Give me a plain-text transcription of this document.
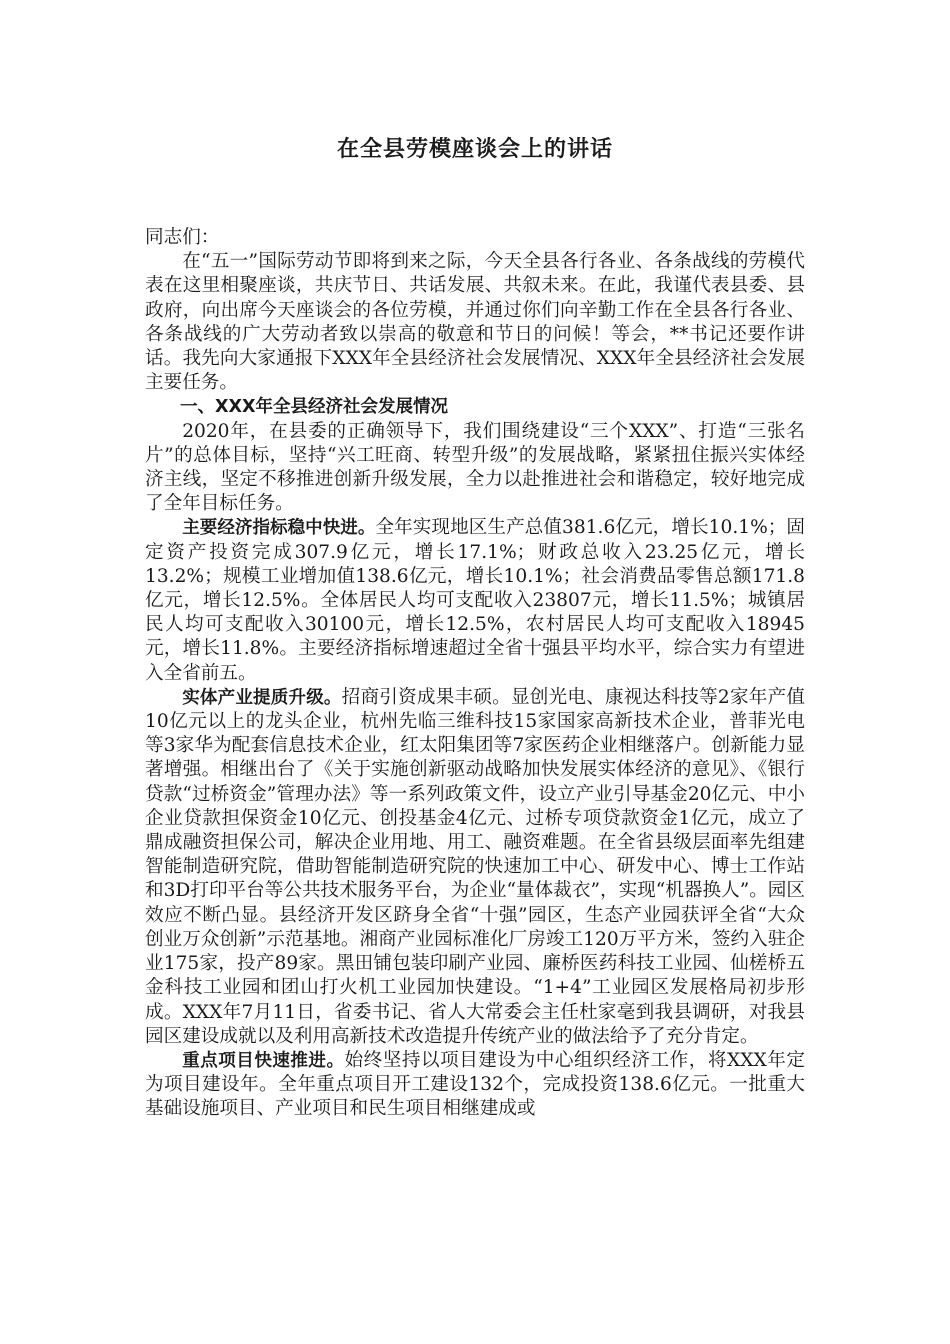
在全县劳模座谈会上的讲话

同志们：

在“五一”国际劳动节即将到来之际，今天全县各行各业、各条战线的劳模代表在这里相聚座谈，共庆节日、共话发展、共叙未来。在此，我谨代表县委、县政府，向出席今天座谈会的各位劳模，并通过你们向辛勤工作在全县各行各业、各条战线的广大劳动者致以崇高的敬意和节日的问候！等会，**书记还要作讲话。我先向大家通报下XXX年全县经济社会发展情况、XXX年全县经济社会发展主要任务。

一、XXX年全县经济社会发展情况

2020年，在县委的正确领导下，我们围绕建设“三个XXX”、打造“三张名片”的总体目标，坚持“兴工旺商、转型升级”的发展战略，紧紧扭住振兴实体经济主线，坚定不移推进创新升级发展，全力以赴推进社会和谐稳定，较好地完成了全年目标任务。

主要经济指标稳中快进。全年实现地区生产总值381.6亿元，增长10.1%；固定资产投资完成307.9亿元，增长17.1%；财政总收入23.25亿元，增长13.2%；规模工业增加值138.6亿元，增长10.1%；社会消费品零售总额171.8亿元，增长12.5%。全体居民人均可支配收入23807元，增长11.5%；城镇居民人均可支配收入30100元，增长12.5%，农村居民人均可支配收入18945元，增长11.8%。主要经济指标增速超过全省十强县平均水平，综合实力有望进入全省前五。

实体产业提质升级。招商引资成果丰硕。显创光电、康视达科技等2家年产值10亿元以上的龙头企业，杭州先临三维科技15家国家高新技术企业，普菲光电等3家华为配套信息技术企业，红太阳集团等7家医药企业相继落户。创新能力显著增强。相继出台了《关于实施创新驱动战略加快发展实体经济的意见》、《银行贷款“过桥资金”管理办法》等一系列政策文件，设立产业引导基金20亿元、中小企业贷款担保资金10亿元、创投基金4亿元、过桥专项贷款资金1亿元，成立了鼎成融资担保公司，解决企业用地、用工、融资难题。在全省县级层面率先组建智能制造研究院，借助智能制造研究院的快速加工中心、研发中心、博士工作站和3D打印平台等公共技术服务平台，为企业“量体裁衣”，实现“机器换人”。园区效应不断凸显。县经济开发区跻身全省“十强”园区，生态产业园获评全省“大众创业万众创新”示范基地。湘商产业园标准化厂房竣工120万平方米，签约入驻企业175家，投产89家。黑田铺包装印刷产业园、廉桥医药科技工业园、仙槎桥五金科技工业园和团山打火机工业园加快建设。“1+4”工业园区发展格局初步形成。XXX年7月11日，省委书记、省人大常委会主任杜家毫到我县调研，对我县园区建设成就以及利用高新技术改造提升传统产业的做法给予了充分肯定。

重点项目快速推进。始终坚持以项目建设为中心组织经济工作，将XXX年定为项目建设年。全年重点项目开工建设132个，完成投资138.6亿元。一批重大基础设施项目、产业项目和民生项目相继建成或
